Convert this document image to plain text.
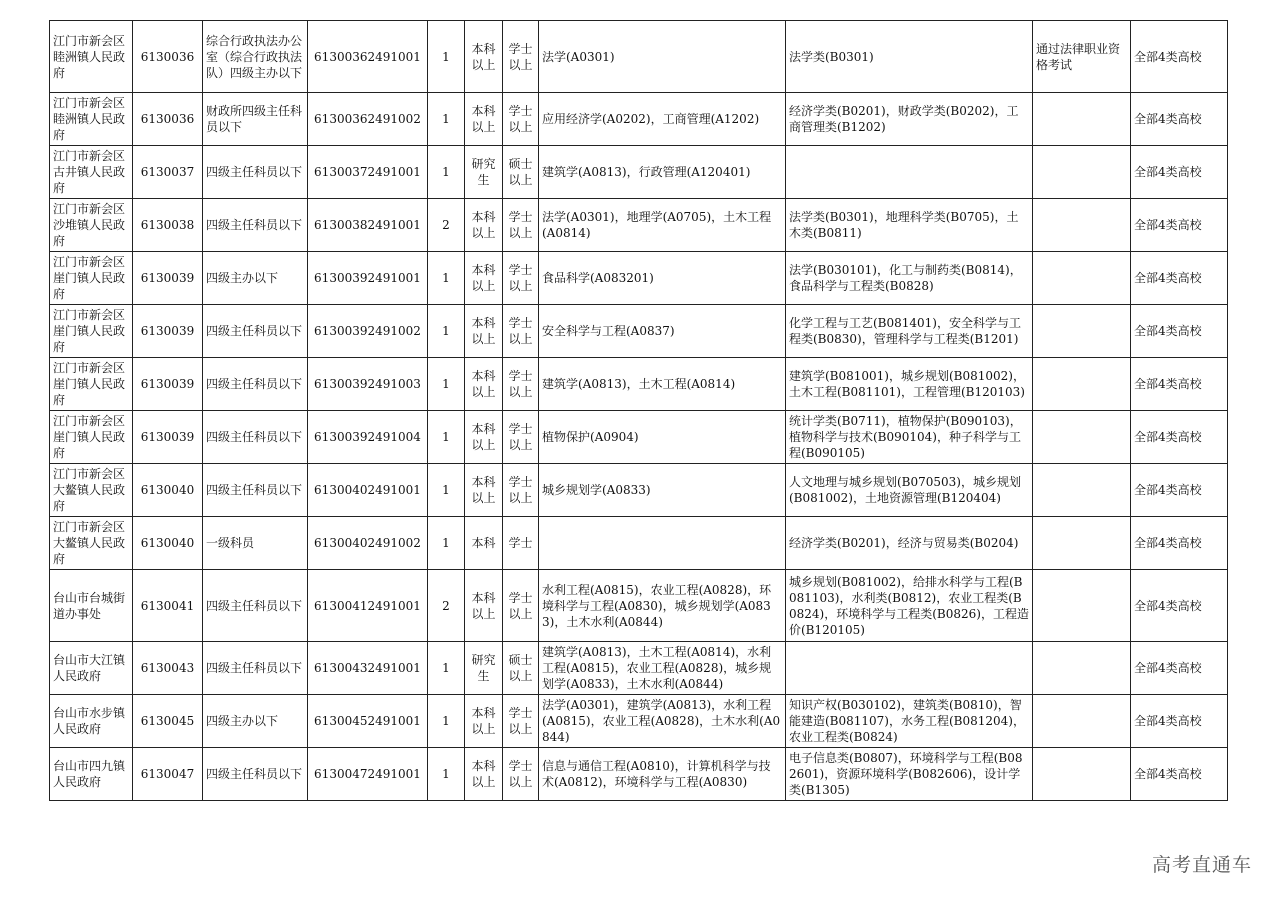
江门市新会区睦洲镇人民政府	6130036	综合行政执法办公室（综合行政执法队）四级主办以下	61300362491001	1	本科以上	学士以上	法学(A0301)	法学类(B0301)	通过法律职业资格考试	全部4类高校
江门市新会区睦洲镇人民政府	6130036	财政所四级主任科员以下	61300362491002	1	本科以上	学士以上	应用经济学(A0202)，工商管理(A1202)	经济学类(B0201)，财政学类(B0202)，工商管理类(B1202)		全部4类高校
江门市新会区古井镇人民政府	6130037	四级主任科员以下	61300372491001	1	研究生	硕士以上	建筑学(A0813)，行政管理(A120401)			全部4类高校
江门市新会区沙堆镇人民政府	6130038	四级主任科员以下	61300382491001	2	本科以上	学士以上	法学(A0301)，地理学(A0705)，土木工程(A0814)	法学类(B0301)，地理科学类(B0705)，土木类(B0811)		全部4类高校
江门市新会区崖门镇人民政府	6130039	四级主办以下	61300392491001	1	本科以上	学士以上	食品科学(A083201)	法学(B030101)，化工与制药类(B0814)，食品科学与工程类(B0828)		全部4类高校
江门市新会区崖门镇人民政府	6130039	四级主任科员以下	61300392491002	1	本科以上	学士以上	安全科学与工程(A0837)	化学工程与工艺(B081401)，安全科学与工程类(B0830)，管理科学与工程类(B1201)		全部4类高校
江门市新会区崖门镇人民政府	6130039	四级主任科员以下	61300392491003	1	本科以上	学士以上	建筑学(A0813)，土木工程(A0814)	建筑学(B081001)，城乡规划(B081002)，土木工程(B081101)，工程管理(B120103)		全部4类高校
江门市新会区崖门镇人民政府	6130039	四级主任科员以下	61300392491004	1	本科以上	学士以上	植物保护(A0904)	统计学类(B0711)，植物保护(B090103)，植物科学与技术(B090104)，种子科学与工程(B090105)		全部4类高校
江门市新会区大鳌镇人民政府	6130040	四级主任科员以下	61300402491001	1	本科以上	学士以上	城乡规划学(A0833)	人文地理与城乡规划(B070503)，城乡规划(B081002)，土地资源管理(B120404)		全部4类高校
江门市新会区大鳌镇人民政府	6130040	一级科员	61300402491002	1	本科	学士		经济学类(B0201)，经济与贸易类(B0204)		全部4类高校
台山市台城街道办事处	6130041	四级主任科员以下	61300412491001	2	本科以上	学士以上	水利工程(A0815)，农业工程(A0828)，环境科学与工程(A0830)，城乡规划学(A0833)，土木水利(A0844)	城乡规划(B081002)，给排水科学与工程(B081103)，水利类(B0812)，农业工程类(B0824)，环境科学与工程类(B0826)，工程造价(B120105)		全部4类高校
台山市大江镇人民政府	6130043	四级主任科员以下	61300432491001	1	研究生	硕士以上	建筑学(A0813)，土木工程(A0814)，水利工程(A0815)，农业工程(A0828)，城乡规划学(A0833)，土木水利(A0844)			全部4类高校
台山市水步镇人民政府	6130045	四级主办以下	61300452491001	1	本科以上	学士以上	法学(A0301)，建筑学(A0813)，水利工程(A0815)，农业工程(A0828)，土木水利(A0844)	知识产权(B030102)，建筑类(B0810)，智能建造(B081107)，水务工程(B081204)，农业工程类(B0824)		全部4类高校
台山市四九镇人民政府	6130047	四级主任科员以下	61300472491001	1	本科以上	学士以上	信息与通信工程(A0810)，计算机科学与技术(A0812)，环境科学与工程(A0830)	电子信息类(B0807)，环境科学与工程(B082601)，资源环境科学(B082606)，设计学类(B1305)		全部4类高校
高考直通车
